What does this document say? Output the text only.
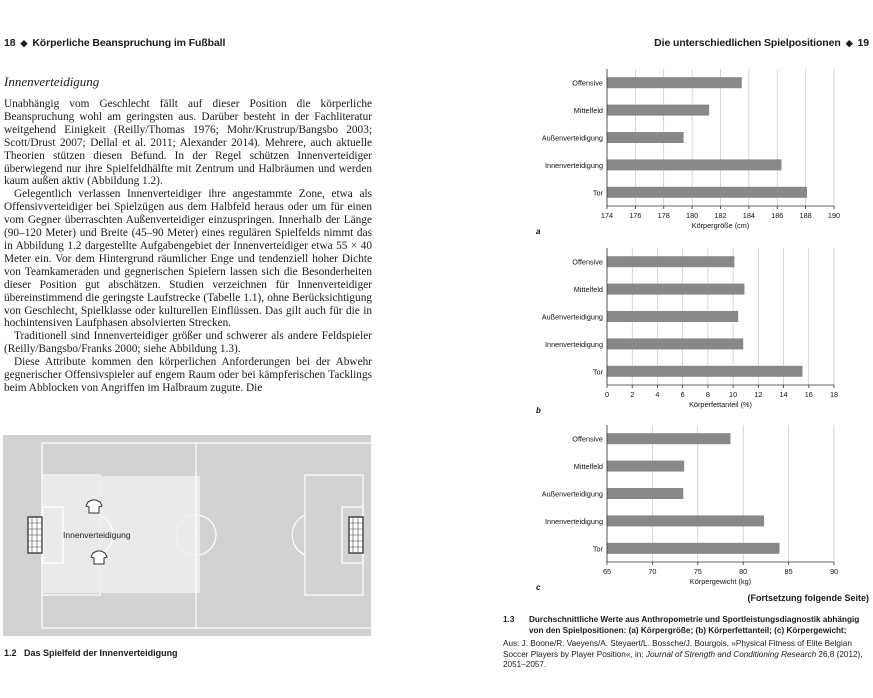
18 ◆ Körperliche Beanspruchung im Fußball	Die unterschiedlichen Spielpositionen ◆ 19
Innenverteidigung

Unabhängig vom Geschlecht fällt auf dieser Position die körperliche Beanspruchung wohl am geringsten aus. Darüber besteht in der Fachliteratur weitgehend Einigkeit (Reilly/Thomas 1976; Mohr/Krustrup/Bangsbo 2003; Scott/Drust 2007; Dellal et al. 2011; Alexander 2014). Mehrere, auch aktuelle Theorien stützen diesen Befund. In der Regel schützen Innenverteidiger überwiegend nur ihre Spielfeldhälfte mit Zentrum und Halbräumen und werden kaum außen aktiv (Abbildung 1.2).

Gelegentlich verlassen Innenverteidiger ihre angestammte Zone, etwa als Offensivverteidiger bei Spielzügen aus dem Halbfeld heraus oder um für einen vom Gegner überraschten Außenverteidiger einzuspringen. Innerhalb der Länge (90–120 Meter) und Breite (45–90 Meter) eines regulären Spielfelds nimmt das in Abbildung 1.2 dargestellte Aufgabengebiet der Innenverteidiger etwa 55 × 40 Meter ein. Vor dem Hintergrund räumlicher Enge und tendenziell hoher Dichte von Teamkameraden und gegnerischen Spielern lassen sich die Besonderheiten dieser Position gut abschätzen. Studien verzeichnen für Innenverteidiger übereinstimmend die geringste Laufstrecke (Tabelle 1.1), ohne Berücksichtigung von Geschlecht, Spielklasse oder kulturellen Einflüssen. Das gilt auch für die in hochintensiven Laufphasen absolvierten Strecken.

Traditionell sind Innenverteidiger größer und schwerer als andere Feldspieler (Reilly/Bangsbo/Franks 2000; siehe Abbildung 1.3).

Diese Attribute kommen den körperlichen Anforderungen bei der Abwehr gegnerischer Offensivspieler auf engem Raum oder bei kämpferischen Tacklings beim Abblocken von Angriffen im Halbraum zugute. Die

Innenverteidigung
1.2 Das Spielfeld der Innenverteidigung
Offensive
Mittelfeld
Außenverteidigung
Innenverteidigung
Tor
174 176 178 180 182 184 186 188 190
Körpergröße (cm)
a
Offensive
Mittelfeld
Außenverteidigung
Innenverteidigung
Tor
0	2	4	6	8	10 12 14 16 18
Körperfettanteil (%)
b
Offensive
Mittelfeld
Außenverteidigung
Innenverteidigung
Tor
65	70	75	80	85	90
Körpergewicht (kg)
c
(Fortsetzung folgende Seite)
1.3	Durchschnittliche Werte aus Anthropometrie und Sportleistungsdiagnostik abhängig von den Spielpositionen: (a) Körpergröße; (b) Körperfettanteil; (c) Körpergewicht;
Aus: J. Boone/R. Vaeyens/A. Steyaert/L. Bossche/J. Bourgois, »Physical Fitness of Elite Belgian Soccer Players by Player Position«, in: Journal of Strength and Conditioning Research 26,8 (2012), 2051–2057.
